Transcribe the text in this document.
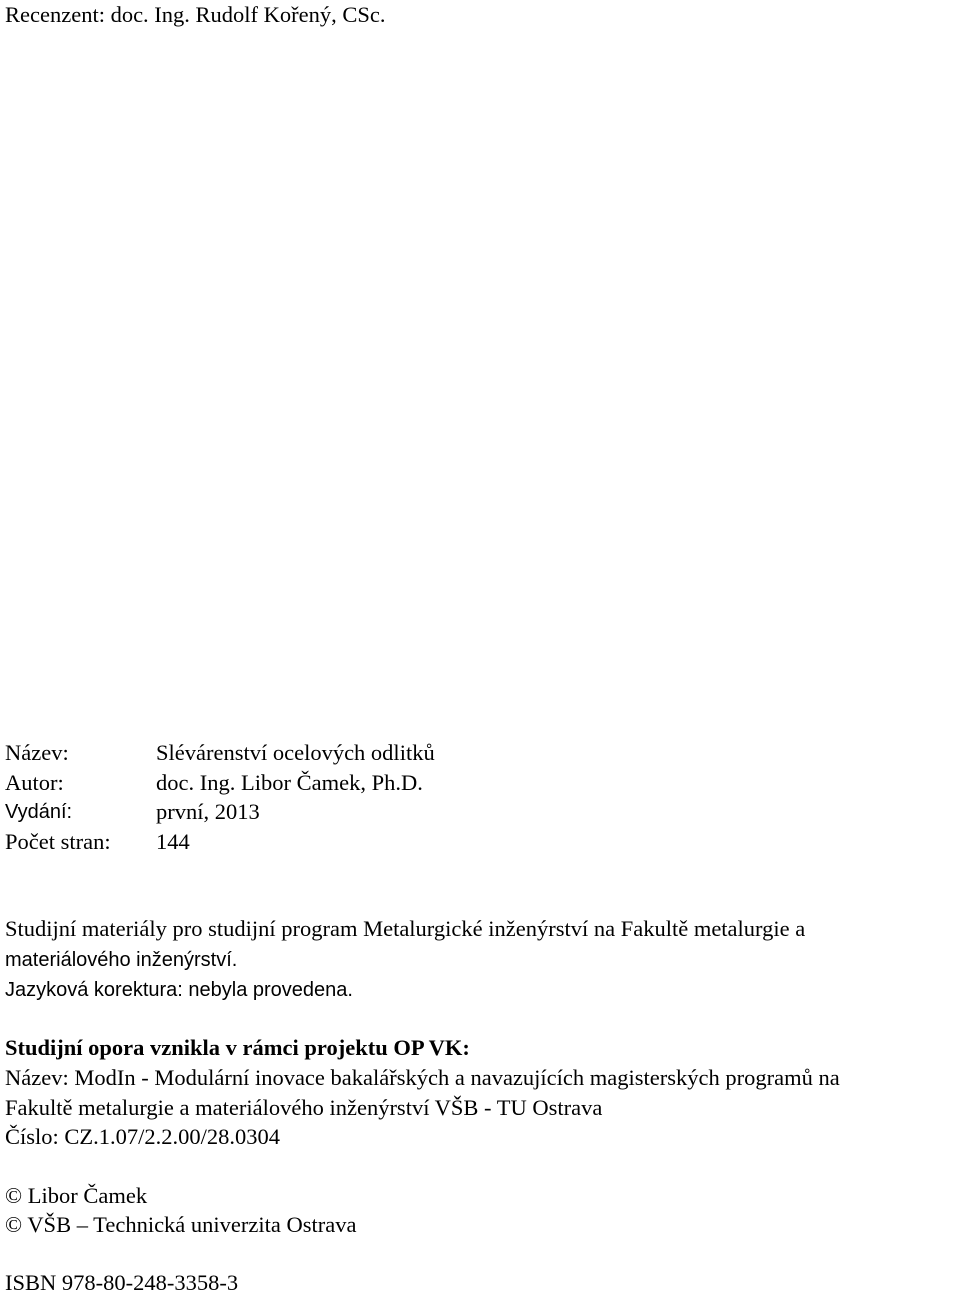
Recenzent: doc. Ing. Rudolf Kořený, CSc.
Název:	Slévárenství ocelových odlitků
Autor:	doc. Ing. Libor Čamek, Ph.D.
Vydání:	první, 2013
Počet stran: 144
Studijní materiály pro studijní program Metalurgické inženýrství na Fakultě metalurgie a
materiálového inženýrství.
Jazyková korektura: nebyla provedena.
Studijní opora vznikla v rámci projektu OP VK:
Název: ModIn - Modulární inovace bakalářských a navazujících magisterských programů na
Fakultě metalurgie a materiálového inženýrství VŠB - TU Ostrava
Číslo: CZ.1.07/2.2.00/28.0304
© Libor Čamek
© VŠB – Technická univerzita Ostrava
ISBN 978-80-248-3358-3
